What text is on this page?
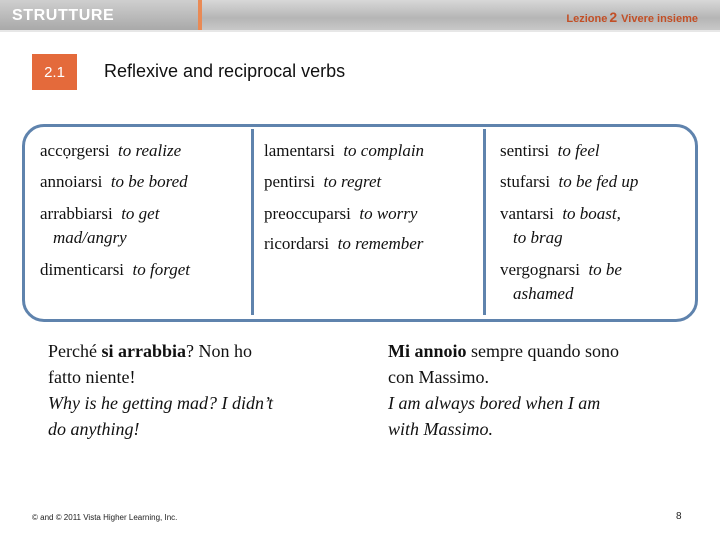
STRUTTURE	Lezione 2 Vivere insieme
2.1	Reflexive and reciprocal verbs
accọrgersi to realize
annoiarsi to be bored
arrabbiarsi to get
mad/angry
dimenticarsi to forget
lamentarsi to complain
pentirsi to regret
preoccuparsi to worry
ricordarsi to remember
sentirsi to feel
stufarsi to be fed up
vantarsi to boast,
to brag
vergognarsi to be
ashamed
Perché si arrabbia? Non ho
fatto niente!
Why is he getting mad? I didn’t
do anything!
Mi annoio sempre quando sono
con Massimo.
I am always bored when I am
with Massimo.
© and © 2011 Vista Higher Learning, Inc.	8
